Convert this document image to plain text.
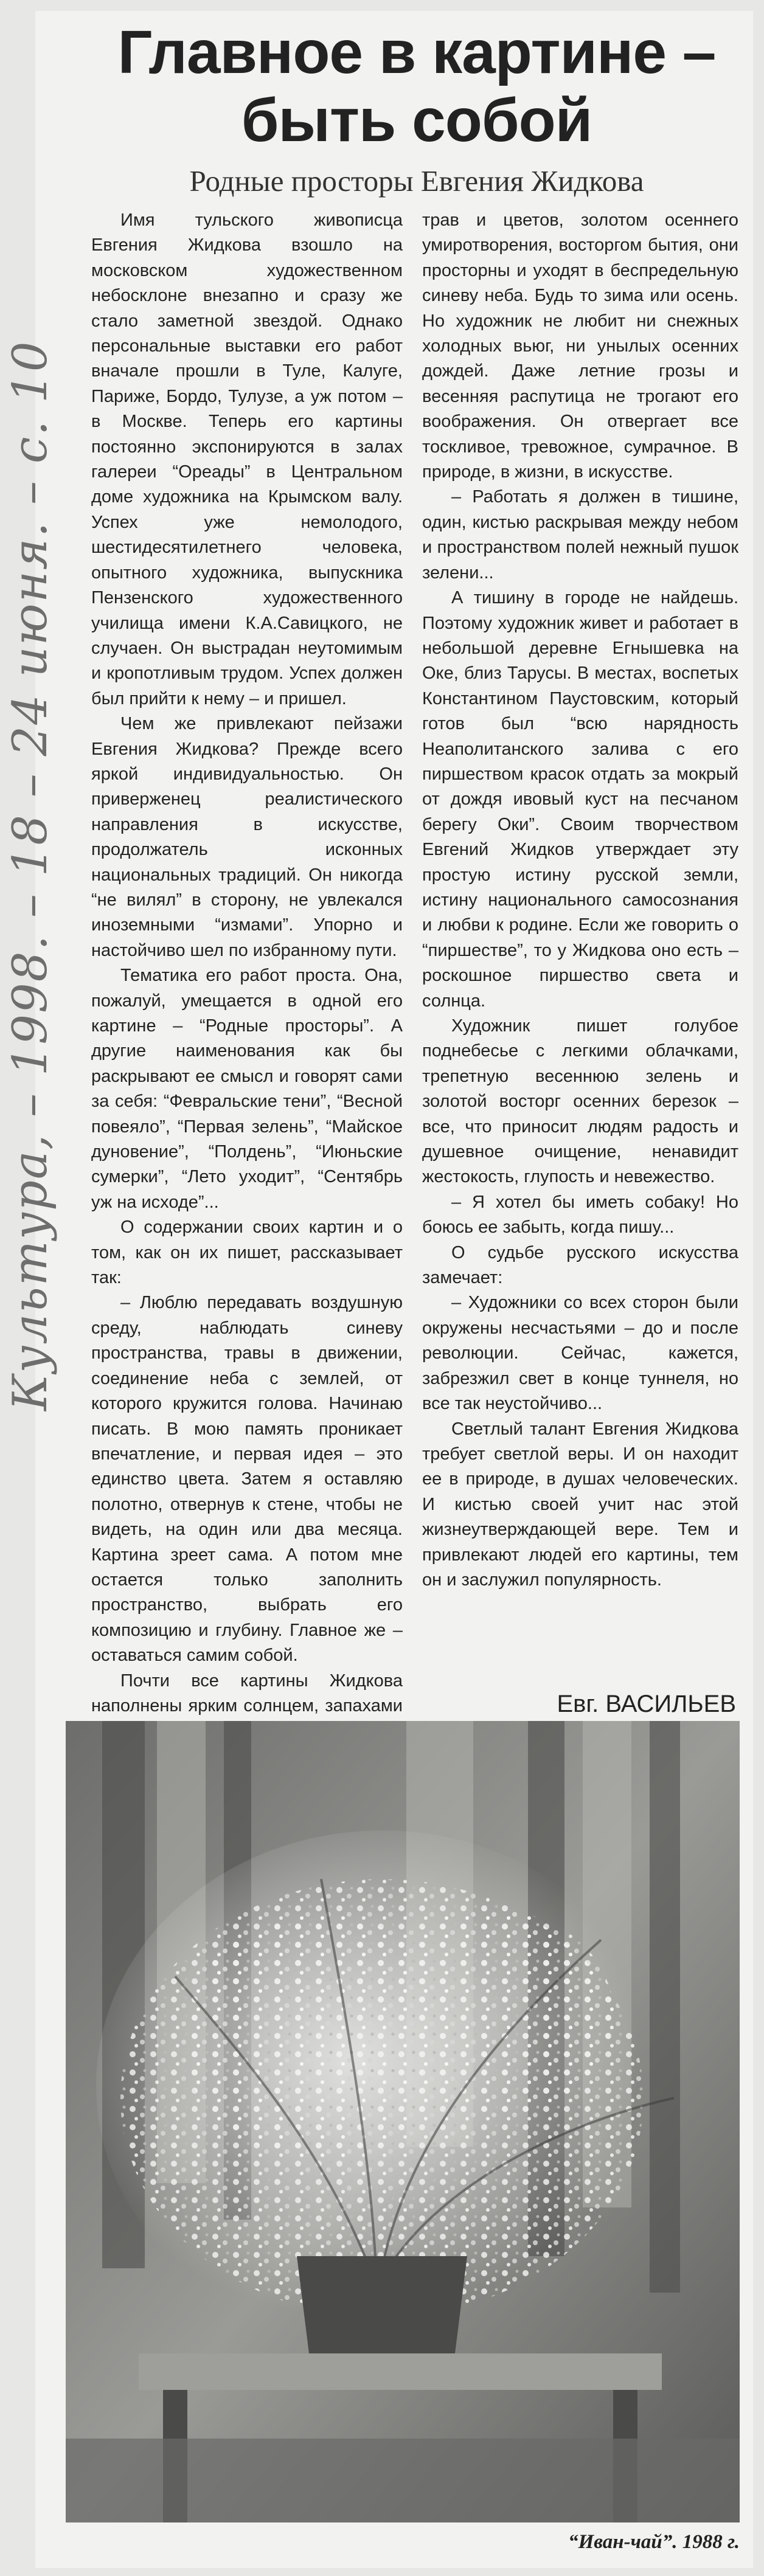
Главное в картине –
быть собой
Родные просторы Евгения Жидкова
Культура, – 1998. – 18 – 24 июня. – с. 10

Имя тульского живописца Евгения Жидкова взошло на московском художественном небосклоне внезапно и сразу же стало заметной звездой. Однако персональные выставки его работ вначале прошли в Туле, Калуге, Париже, Бордо, Тулузе, а уж потом – в Москве. Теперь его картины постоянно экспонируются в залах галереи “Ореады” в Центральном доме художника на Крымском валу. Успех уже немолодого, шестидесятилетнего человека, опытного художника, выпускника Пензенского художественного училища имени К.А.Савицкого, не случаен. Он выстрадан неутомимым и кропотливым трудом. Успех должен был прийти к нему – и пришел.

Чем же привлекают пейзажи Евгения Жидкова? Прежде всего яркой индивидуальностью. Он приверженец реалистического направления в искусстве, продолжатель исконных национальных традиций. Он никогда “не вилял” в сторону, не увлекался иноземными “измами”. Упорно и настойчиво шел по избранному пути.

Тематика его работ проста. Она, пожалуй, умещается в одной его картине – “Родные просторы”. А другие наименования как бы раскрывают ее смысл и говорят сами за себя: “Февральские тени”, “Весной повеяло”, “Первая зелень”, “Майское дуновение”, “Полдень”, “Июньские сумерки”, “Лето уходит”, “Сентябрь уж на исходе”...

О содержании своих картин и о том, как он их пишет, рассказывает так:

– Люблю передавать воздушную среду, наблюдать синеву пространства, травы в движении, соединение неба с землей, от которого кружится голова. Начинаю писать. В мою память проникает впечатление, и первая идея – это единство цвета. Затем я оставляю полотно, отвернув к стене, чтобы не видеть, на один или два месяца. Картина зреет сама. А потом мне остается только заполнить пространство, выбрать его композицию и глубину. Главное же – оставаться самим собой.

Почти все картины Жидкова наполнены ярким солнцем, запахами

трав и цветов, золотом осеннего умиротворения, восторгом бытия, они просторны и уходят в беспредельную синеву неба. Будь то зима или осень. Но художник не любит ни снежных холодных вьюг, ни унылых осенних дождей. Даже летние грозы и весенняя распутица не трогают его воображения. Он отвергает все тоскливое, тревожное, сумрачное. В природе, в жизни, в искусстве.

– Работать я должен в тишине, один, кистью раскрывая между небом и пространством полей нежный пушок зелени...

А тишину в городе не найдешь. Поэтому художник живет и работает в небольшой деревне Егнышевка на Оке, близ Тарусы. В местах, воспетых Константином Паустовским, который готов был “всю нарядность Неаполитанского залива с его пиршеством красок отдать за мокрый от дождя ивовый куст на песчаном берегу Оки”. Своим творчеством Евгений Жидков утверждает эту простую истину русской земли, истину национального самосознания и любви к родине. Если же говорить о “пиршестве”, то у Жидкова оно есть – роскошное пиршество света и солнца.

Художник пишет голубое поднебесье с легкими облачками, трепетную весеннюю зелень и золотой восторг осенних березок – все, что приносит людям радость и душевное очищение, ненавидит жестокость, глупость и невежество.

– Я хотел бы иметь собаку! Но боюсь ее забыть, когда пишу...

О судьбе русского искусства замечает:

– Художники со всех сторон были окружены несчастьями – до и после революции. Сейчас, кажется, забрезжил свет в конце туннеля, но все так неустойчиво...

Светлый талант Евгения Жидкова требует светлой веры. И он находит ее в природе, в душах человеческих. И кистью своей учит нас этой жизнеутверждающей вере. Тем и привлекают людей его картины, тем он и заслужил популярность.

Евг. ВАСИЛЬЕВ

“Иван-чай”. 1988 г.
